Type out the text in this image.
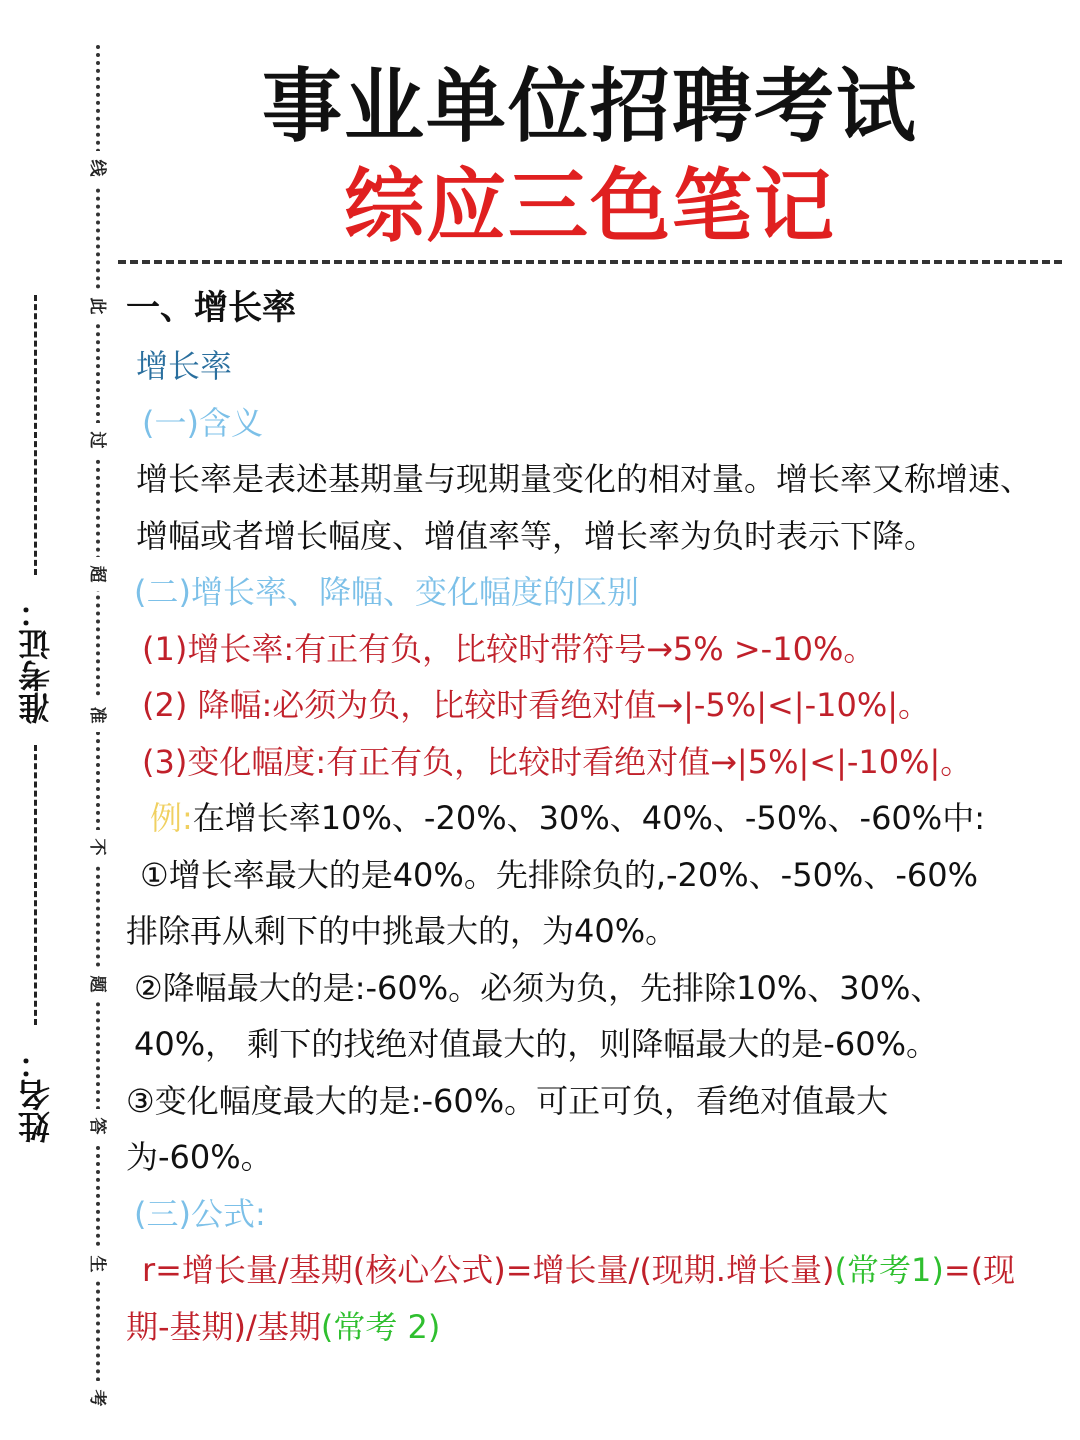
线
此
过
超
准
不
题
答
生
考
准考证：
姓名：
事业单位招聘考试
综应三色笔记
一、增长率
增长率
(一)含义
增长率是表述基期量与现期量变化的相对量。增长率又称增速、增幅或者增长幅度、增值率等，增长率为负时表示下降。
(二)增长率、降幅、变化幅度的区别
(1)增长率:有正有负，比较时带符号→5% >-10%。
(2) 降幅:必须为负，比较时看绝对值→|-5%|<|-10%|。
(3)变化幅度:有正有负，比较时看绝对值→|5%|<|-10%|。
例:在增长率10%、-20%、30%、40%、-50%、-60%中:
①增长率最大的是40%。先排除负的,-20%、-50%、-60%
排除再从剩下的中挑最大的，为40%。
②降幅最大的是:-60%。必须为负，先排除10%、30%、
40%， 剩下的找绝对值最大的，则降幅最大的是-60%。
③变化幅度最大的是:-60%。可正可负，看绝对值最大
为-60%。
(三)公式:
r=增长量/基期(核心公式)=增长量/(现期.增长量)(常考1)=(现
期-基期)/基期(常考 2)
